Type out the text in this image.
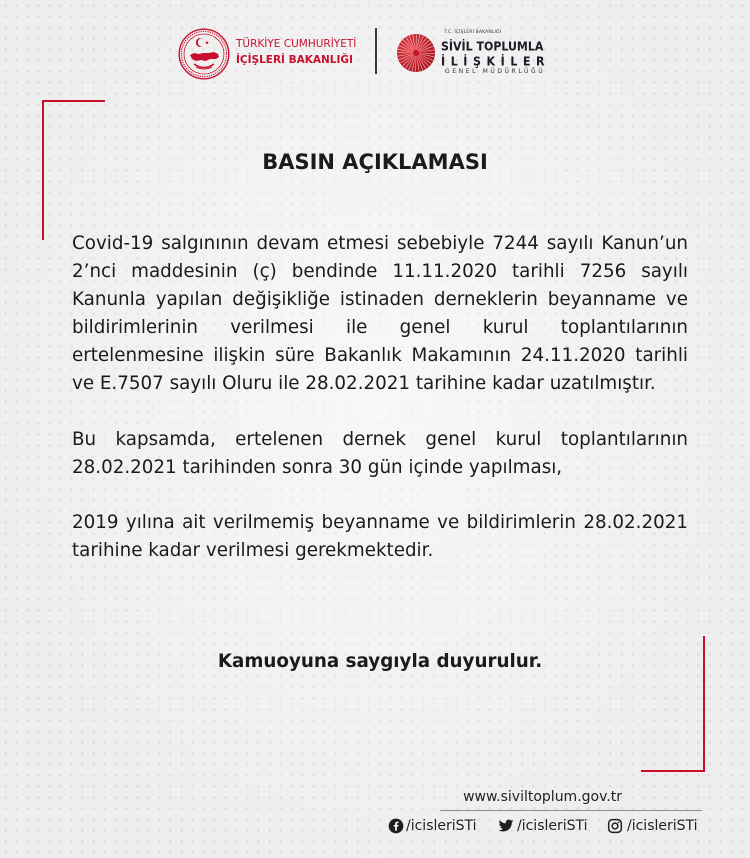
TÜRKİYE CUMHURİYETİ
İÇİŞLERİ BAKANLIĞI
T.C. İÇİŞLERİ BAKANLIĞI
SİVİL TOPLUMLA
İLİŞKİLER
GENEL MÜDÜRLÜĞÜ
BASIN AÇIKLAMASI
Covid-19 salgınının devam etmesi sebebiyle 7244 sayılı Kanun’un
2’nci maddesinin (ç) bendinde 11.11.2020 tarihli 7256 sayılı
Kanunla yapılan değişikliğe istinaden derneklerin beyanname ve
bildirimlerinin verilmesi ile genel kurul toplantılarının
ertelenmesine ilişkin süre Bakanlık Makamının 24.11.2020 tarihli
ve E.7507 sayılı Oluru ile 28.02.2021 tarihine kadar uzatılmıştır.
Bu kapsamda, ertelenen dernek genel kurul toplantılarının
28.02.2021 tarihinden sonra 30 gün içinde yapılması,
2019 yılına ait verilmemiş beyanname ve bildirimlerin 28.02.2021
tarihine kadar verilmesi gerekmektedir.
Kamuoyuna saygıyla duyurulur.
www.siviltoplum.gov.tr
/icisleriSTi	/icisleriSTi	/icisleriSTi
